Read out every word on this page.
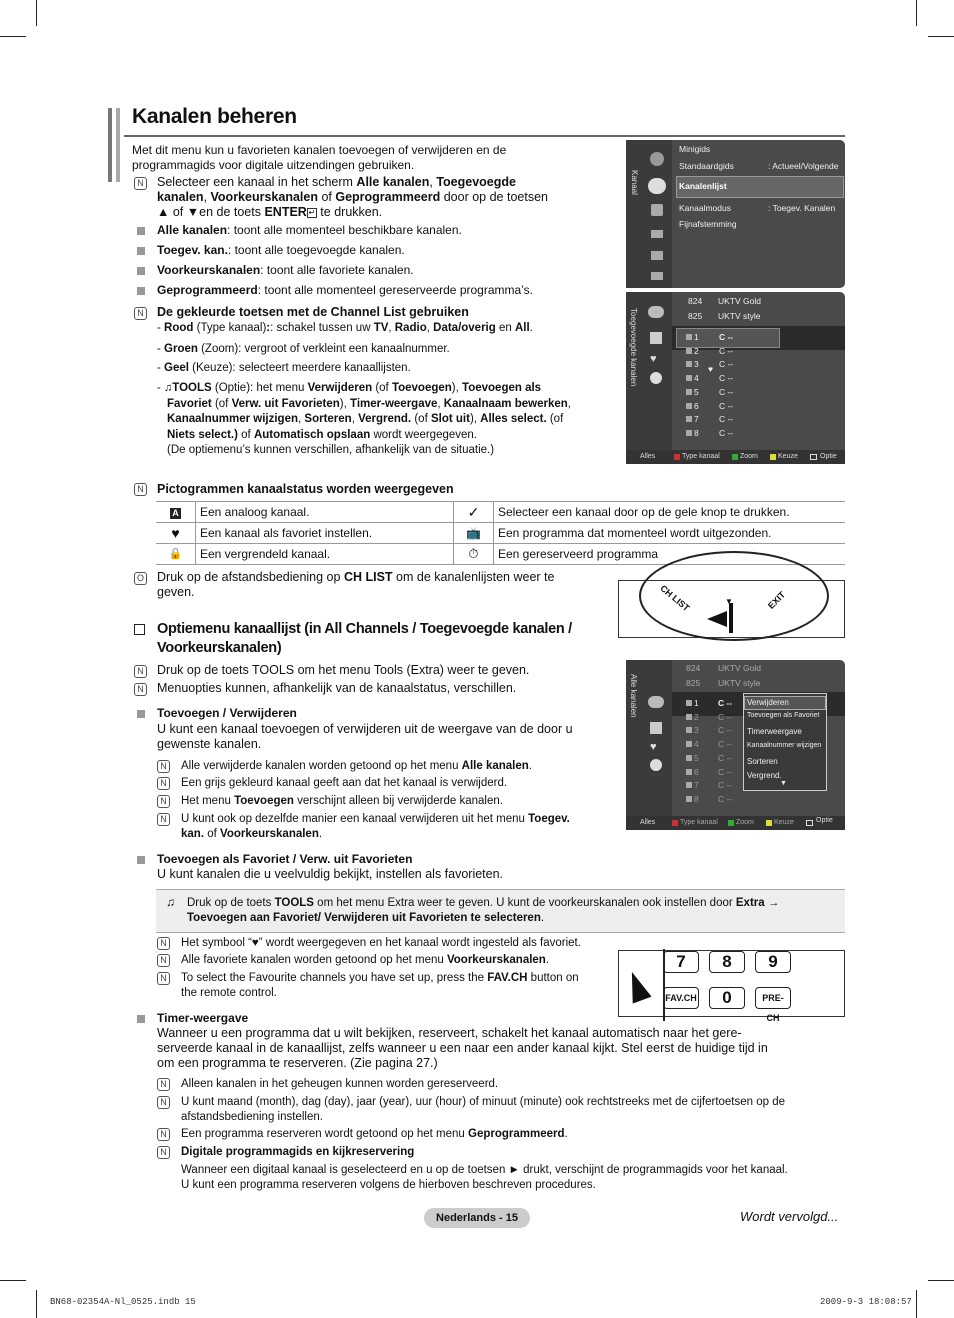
Kanalen beheren
Met dit menu kun u favorieten kanalen toevoegen of verwijderen en de
programmagids voor digitale uitzendingen gebruiken.
N Selecteer een kanaal in het scherm Alle kanalen, Toegevoegde
kanalen, Voorkeurskanalen of Geprogrammeerd door op de toetsen
▲ of ▼en de toets ENTER ↵ te drukken.
Alle kanalen: toont alle momenteel beschikbare kanalen.
Toegev. kan.: toont alle toegevoegde kanalen.
Voorkeurskanalen: toont alle favoriete kanalen.
Geprogrammeerd: toont alle momenteel gereserveerde programma’s.
N De gekleurde toetsen met de Channel List gebruiken
- Rood (Type kanaal):: schakel tussen uw TV, Radio, Data/overig en All.
- Groen (Zoom): vergroot of verkleint een kanaalnummer.
- Geel (Keuze): selecteert meerdere kanaallijsten.
- ♫TOOLS (Optie): het menu Verwijderen (of Toevoegen), Toevoegen als
Favoriet (of Verw. uit Favorieten), Timer-weergave, Kanaalnaam bewerken,
Kanaalnummer wijzigen, Sorteren, Vergrend. (of Slot uit), Alles select. (of
Niets select.) of Automatisch opslaan wordt weergegeven.
(De optiemenu’s kunnen verschillen, afhankelijk van de situatie.)
Kanaal
Minigids
Standaardgids	: Actueel/Volgende
Kanalenlijst
Kanaalmodus	: Toegev. Kanalen
Fijnafstemming
Toegevoegde kanalen ♥
824 UKTV Gold
825 UKTV style
1 C --
2 C --
3 C --
4 C --
5 C --
6 C --
7 C --
8 C --
♥
Alles	Type kanaal	Zoom	Keuze	Optie
N Pictogrammen kanaalstatus worden weergegeven
A	Een analoog kanaal.	✓	Selecteer een kanaal door op de gele knop te drukken.
♥	Een kanaal als favoriet instellen.	📺	Een programma dat momenteel wordt uitgezonden.
🔒	Een vergrendeld kanaal.	⏱	Een gereserveerd programma
O Druk op de afstandsbediening op CH LIST om de kanalenlijsten weer te
geven.	CH LIST	EXIT
▼
Optiemenu kanaallijst (in All Channels / Toegevoegde kanalen /
Voorkeurskanalen)
N Druk op de toets TOOLS om het menu Tools (Extra) weer te geven.
N Menuopties kunnen, afhankelijk van de kanaalstatus, verschillen.
Toevoegen / Verwijderen
U kunt een kanaal toevoegen of verwijderen uit de weergave van de door u
gewenste kanalen.
N Alle verwijderde kanalen worden getoond op het menu Alle kanalen.
N Een grijs gekleurd kanaal geeft aan dat het kanaal is verwijderd.
N Het menu Toevoegen verschijnt alleen bij verwijderde kanalen.
N U kunt ook op dezelfde manier een kanaal verwijderen uit het menu Toegev.
kan. of Voorkeurskanalen.
Alle kanalen
♥
824 UKTV Gold
825 UKTV style
1 C --
2 C --
3 C --
4 C --
5 C --
6 C --
7 C --
8 C --
Verwijderen
Toevoegen als Favoriet
Timerweergave
Kanaalnummer wijzigen
Sorteren
Vergrend.
▼
Alles	Type kanaal	Zoom	Keuze	Optie
Toevoegen als Favoriet / Verw. uit Favorieten
U kunt kanalen die u veelvuldig bekijkt, instellen als favorieten.
♫ Druk op de toets TOOLS om het menu Extra weer te geven. U kunt de voorkeurskanalen ook instellen door Extra →
Toevoegen aan Favoriet/ Verwijderen uit Favorieten te selecteren.
N Het symbool “♥” wordt weergegeven en het kanaal wordt ingesteld als favoriet.
N Alle favoriete kanalen worden getoond op het menu Voorkeurskanalen.
N To select the Favourite channels you have set up, press the FAV.CH button on
the remote control.
7	8	9
FAV.CH	0	PRE-CH
Timer-weergave
Wanneer u een programma dat u wilt bekijken, reserveert, schakelt het kanaal automatisch naar het gere-
serveerde kanaal in de kanaallijst, zelfs wanneer u een naar een ander kanaal kijkt. Stel eerst de huidige tijd in
om een programma te reserveren. (Zie pagina 27.)
N Alleen kanalen in het geheugen kunnen worden gereserveerd.
N U kunt maand (month), dag (day), jaar (year), uur (hour) of minuut (minute) ook rechtstreeks met de cijfertoetsen op de
afstandsbediening instellen.
N Een programma reserveren wordt getoond op het menu Geprogrammeerd.
N Digitale programmagids en kijkreservering
Wanneer een digitaal kanaal is geselecteerd en u op de toetsen ► drukt, verschijnt de programmagids voor het kanaal.
U kunt een programma reserveren volgens de hierboven beschreven procedures.
Nederlands - 15	Wordt vervolgd...
BN68-02354A-Nl_0525.indb 15	2009-9-3 18:08:57
